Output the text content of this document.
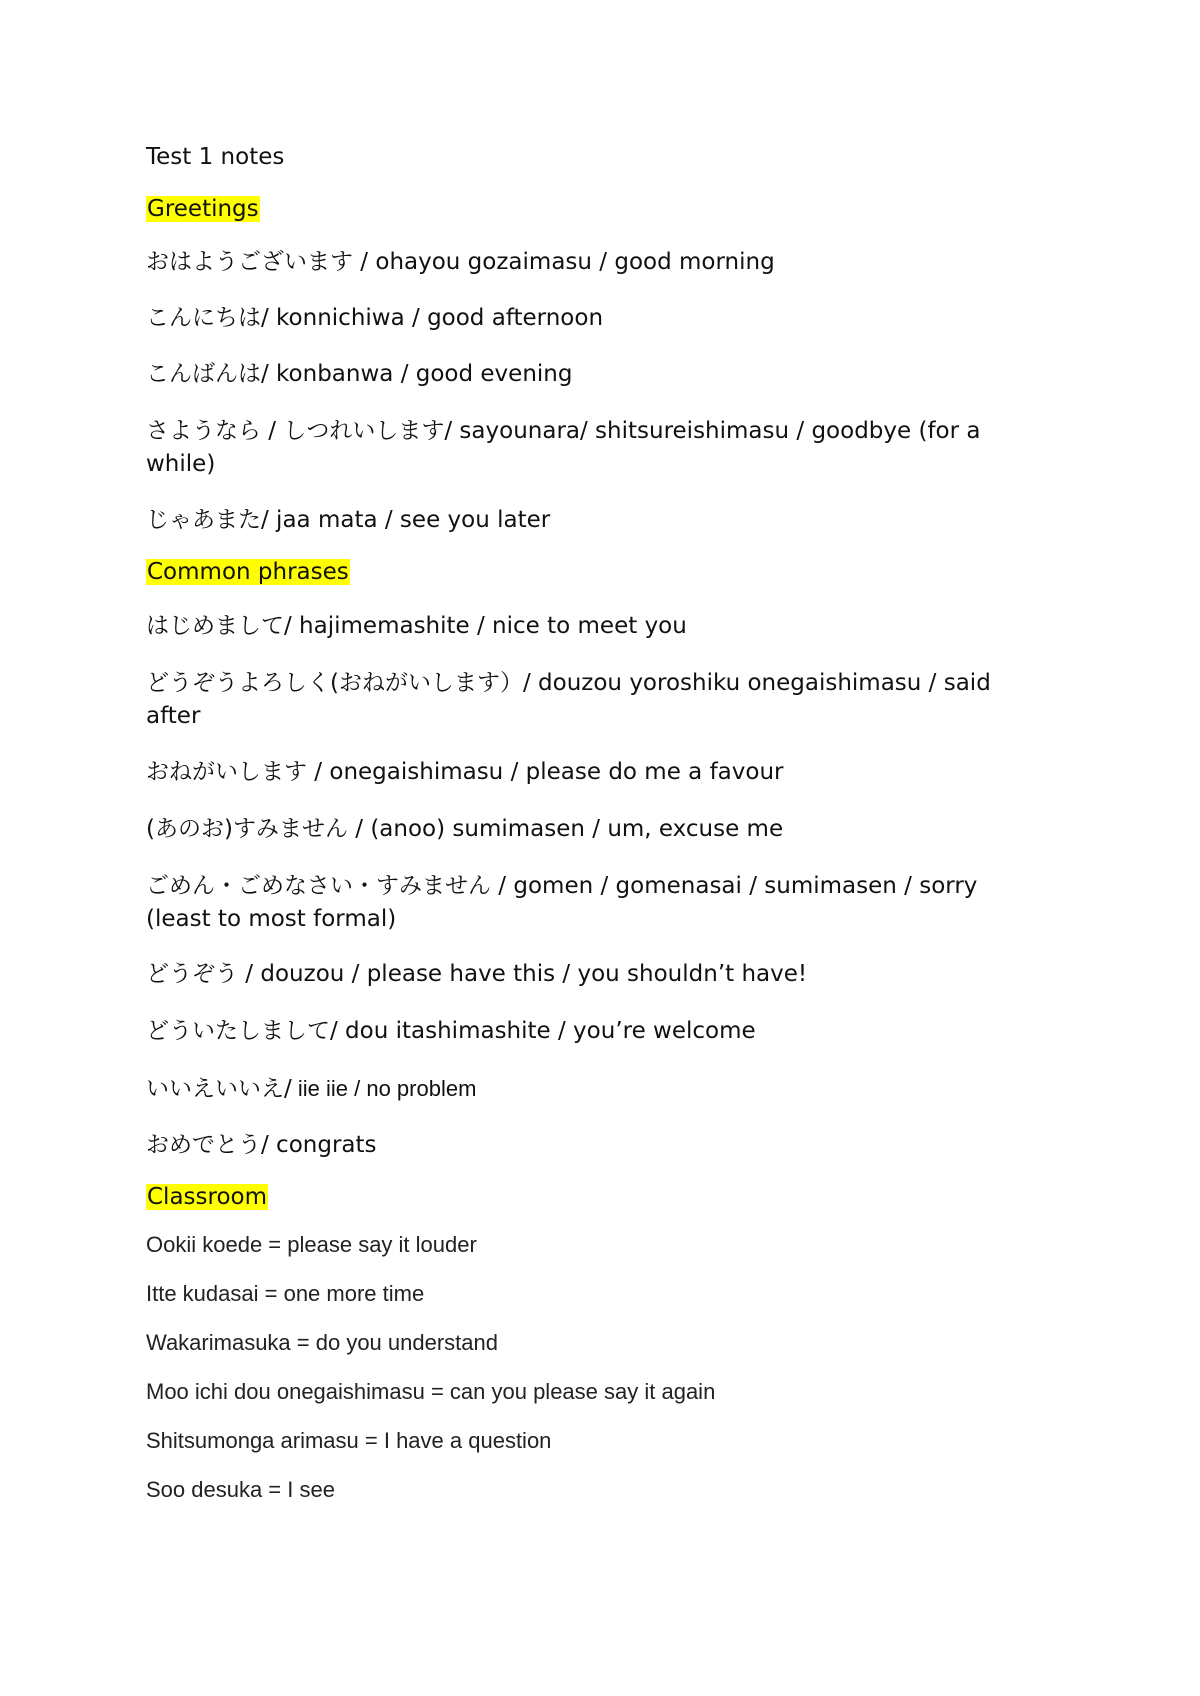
Test 1 notes
Greetings

おはようございます / ohayou gozaimasu / good morning

こんにちは/ konnichiwa / good afternoon

こんばんは/ konbanwa / good evening

さようなら / しつれいします/ sayounara/ shitsureishimasu / goodbye (for a while)

じゃあまた/ jaa mata / see you later

Common phrases

はじめまして/ hajimemashite / nice to meet you

どうぞうよろしく(おねがいします）/ douzou yoroshiku onegaishimasu / said after

おねがいします / onegaishimasu / please do me a favour

(あのお)すみません / (anoo) sumimasen / um, excuse me

ごめん・ごめなさい・すみません / gomen / gomenasai / sumimasen / sorry (least to most formal)

どうぞう / douzou / please have this / you shouldn’t have!

どういたしまして/ dou itashimashite / you’re welcome

いいえいいえ/ iie iie / no problem

おめでとう/ congrats

Classroom

Ookii koede = please say it louder

Itte kudasai = one more time

Wakarimasuka = do you understand

Moo ichi dou onegaishimasu = can you please say it again

Shitsumonga arimasu = I have a question

Soo desuka = I see
